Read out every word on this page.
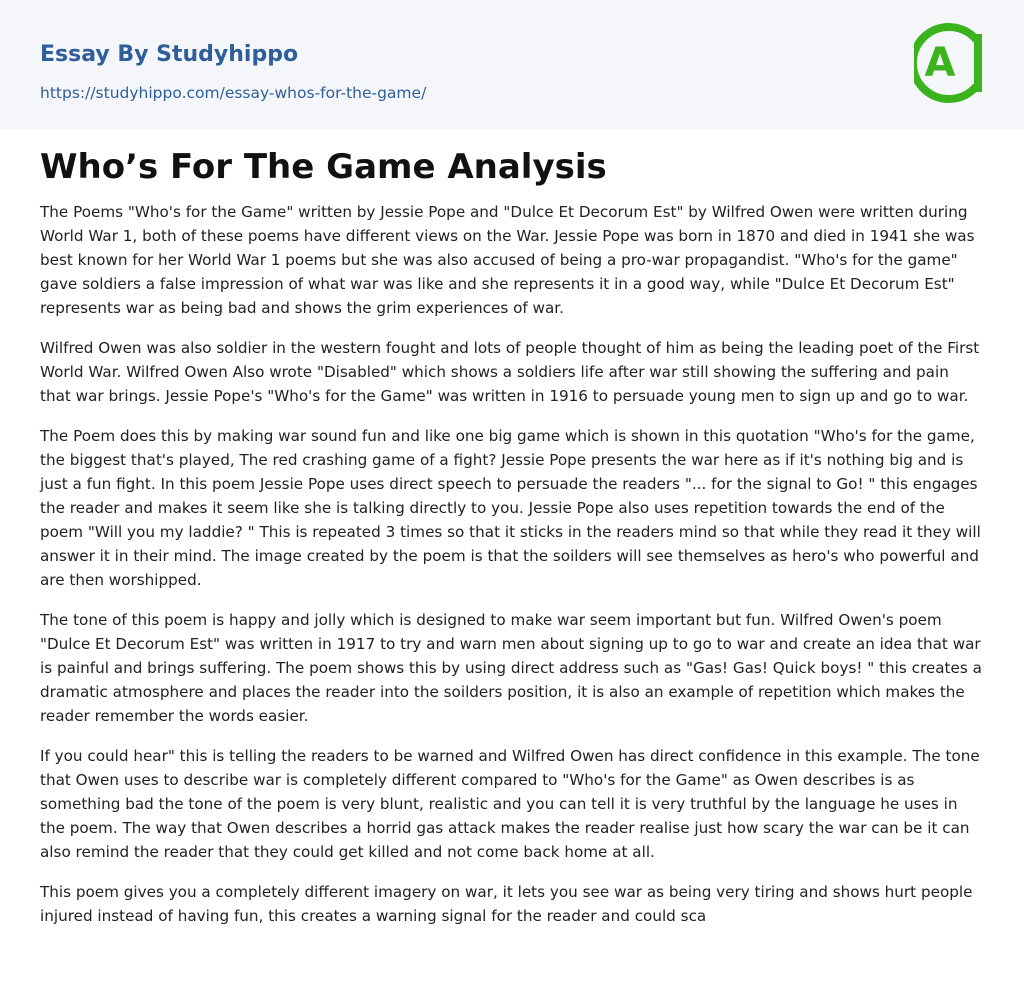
Essay By Studyhippo
https://studyhippo.com/essay-whos-for-the-game/
A
Who’s For The Game Analysis

The Poems "Who's for the Game" written by Jessie Pope and "Dulce Et Decorum Est" by Wilfred Owen were written during World War 1, both of these poems have different views on the War. Jessie Pope was born in 1870 and died in 1941 she was best known for her World War 1 poems but she was also accused of being a pro-war propagandist. "Who's for the game" gave soldiers a false impression of what war was like and she represents it in a good way, while "Dulce Et Decorum Est" represents war as being bad and shows the grim experiences of war.

Wilfred Owen was also soldier in the western fought and lots of people thought of him as being the leading poet of the First World War. Wilfred Owen Also wrote "Disabled" which shows a soldiers life after war still showing the suffering and pain that war brings. Jessie Pope's "Who's for the Game" was written in 1916 to persuade young men to sign up and go to war.

The Poem does this by making war sound fun and like one big game which is shown in this quotation "Who's for the game, the biggest that's played, The red crashing game of a fight? Jessie Pope presents the war here as if it's nothing big and is just a fun fight. In this poem Jessie Pope uses direct speech to persuade the readers "... for the signal to Go! " this engages the reader and makes it seem like she is talking directly to you. Jessie Pope also uses repetition towards the end of the poem "Will you my laddie? " This is repeated 3 times so that it sticks in the readers mind so that while they read it they will answer it in their mind. The image created by the poem is that the soilders will see themselves as hero's who powerful and are then worshipped.

The tone of this poem is happy and jolly which is designed to make war seem important but fun. Wilfred Owen's poem "Dulce Et Decorum Est" was written in 1917 to try and warn men about signing up to go to war and create an idea that war is painful and brings suffering. The poem shows this by using direct address such as "Gas! Gas! Quick boys! " this creates a dramatic atmosphere and places the reader into the soilders position, it is also an example of repetition which makes the reader remember the words easier.

If you could hear" this is telling the readers to be warned and Wilfred Owen has direct confidence in this example. The tone that Owen uses to describe war is completely different compared to "Who's for the Game" as Owen describes is as something bad the tone of the poem is very blunt, realistic and you can tell it is very truthful by the language he uses in the poem. The way that Owen describes a horrid gas attack makes the reader realise just how scary the war can be it can also remind the reader that they could get killed and not come back home at all.

This poem gives you a completely different imagery on war, it lets you see war as being very tiring and shows hurt people injured instead of having fun, this creates a warning signal for the reader and could sca
